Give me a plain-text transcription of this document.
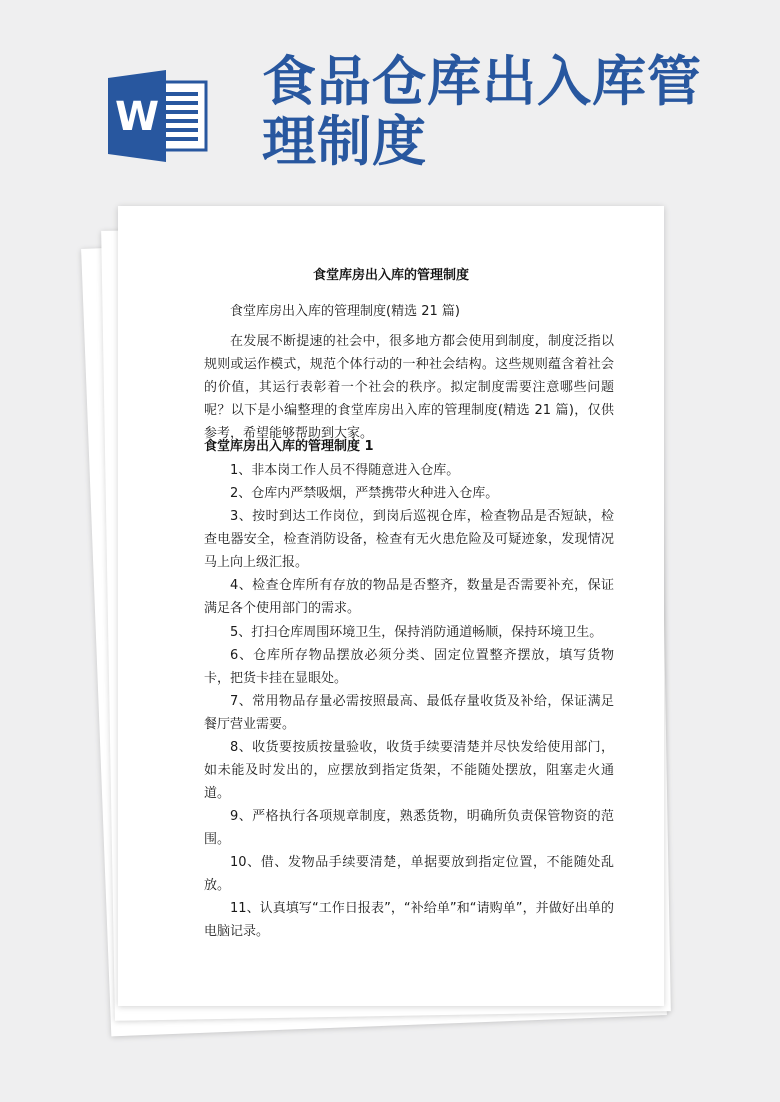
W
食品仓库出入库管理制度
食堂库房出入库的管理制度

食堂库房出入库的管理制度(精选 21 篇)

在发展不断提速的社会中，很多地方都会使用到制度，制度泛指以规则或运作模式，规范个体行动的一种社会结构。这些规则蕴含着社会的价值，其运行表彰着一个社会的秩序。拟定制度需要注意哪些问题呢？以下是小编整理的食堂库房出入库的管理制度(精选 21 篇)，仅供参考，希望能够帮助到大家。

食堂库房出入库的管理制度 1

1、非本岗工作人员不得随意进入仓库。

2、仓库内严禁吸烟，严禁携带火种进入仓库。

3、按时到达工作岗位，到岗后巡视仓库，检查物品是否短缺，检查电器安全，检查消防设备，检查有无火患危险及可疑迹象，发现情况马上向上级汇报。

4、检查仓库所有存放的物品是否整齐，数量是否需要补充，保证满足各个使用部门的需求。

5、打扫仓库周围环境卫生，保持消防通道畅顺，保持环境卫生。

6、仓库所存物品摆放必须分类、固定位置整齐摆放，填写货物卡，把货卡挂在显眼处。

7、常用物品存量必需按照最高、最低存量收货及补给，保证满足餐厅营业需要。

8、收货要按质按量验收，收货手续要清楚并尽快发给使用部门，如未能及时发出的，应摆放到指定货架，不能随处摆放，阻塞走火通道。

9、严格执行各项规章制度，熟悉货物，明确所负责保管物资的范围。

10、借、发物品手续要清楚，单据要放到指定位置，不能随处乱放。

11、认真填写“工作日报表”，“补给单”和“请购单”，并做好出单的电脑记录。
